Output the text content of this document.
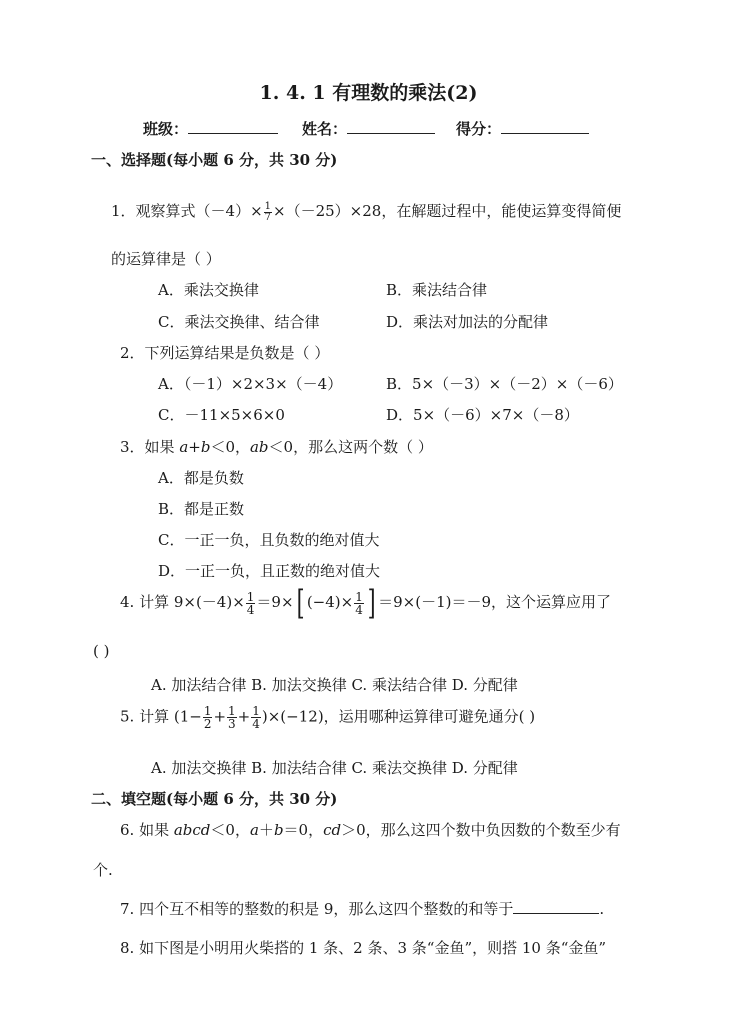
1. 4. 1 有理数的乘法(2)
班级：	姓名：	得分：
一、选择题(每小题 6 分，共 30 分)
1．观察算式$(-4)\times \frac{1}{7} \times(-25)\times 28$，在解题过程中，能使运算变得简便
的运算律是（ ）
A．乘法交换律	B．乘法结合律
C．乘法交换律、结合律	D．乘法对加法的分配律
2．下列运算结果是负数是（ ）
A．（－1）×2×3×（－4）	B．5×（－3）×（－2）×（－6）
C．－11×5×6×0	D．5×（－6）×7×（－8）
3．如果 a+b＜0，ab＜0，那么这两个数（ ）
A．都是负数
B．都是正数
C．一正一负，且负数的绝对值大
D．一正一负，且正数的绝对值大
4. 计算 $9\times(-4)\times \frac{1}{4} =9\times$[ $(-4)\times \frac{1}{4}$ ] ＝9×(－1)＝－9，这个运算应用了
( )
A. 加法结合律 B. 加法交换律 C. 乘法结合律 D. 分配律
5. 计算 $(1- \frac{1}{2} + \frac{1}{3} + \frac{1}{4} )\times(-12)$，运用哪种运算律可避免通分( )
A. 加法交换律 B. 加法结合律 C. 乘法交换律 D. 分配律
二、填空题(每小题 6 分，共 30 分)
6. 如果 abcd＜0，a＋b＝0，cd＞0，那么这四个数中负因数的个数至少有
个.
7. 四个互不相等的整数的积是 9，那么这四个整数的和等于	.
8. 如下图是小明用火柴搭的 1 条、2 条、3 条“金鱼”，则搭 10 条“金鱼”
